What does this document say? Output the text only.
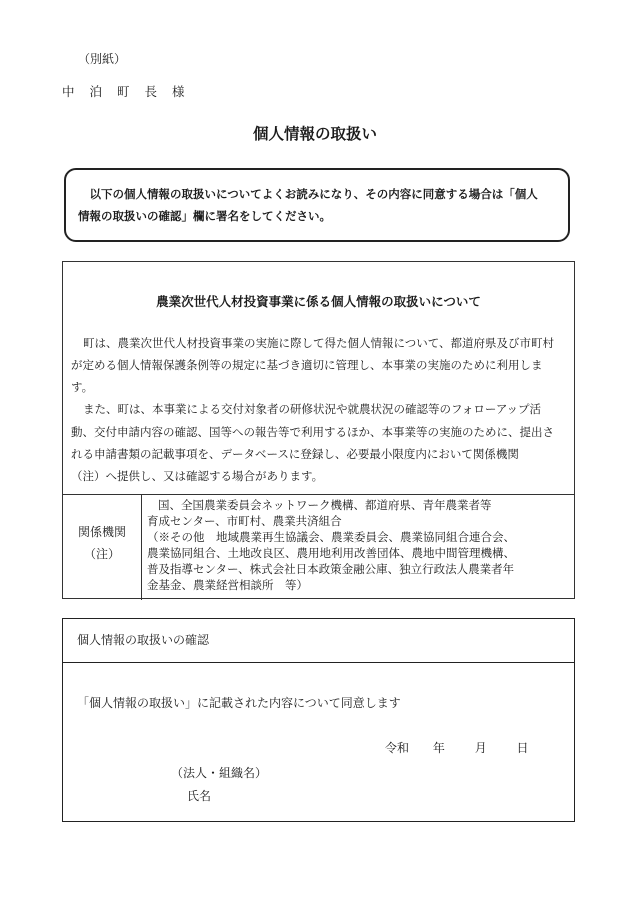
（別紙）
中泊町長様
個人情報の取扱い
以下の個人情報の取扱いについてよくお読みになり、その内容に同意する場合は「個人
情報の取扱いの確認」欄に署名をしてください。
農業次世代人材投資事業に係る個人情報の取扱いについて
町は、農業次世代人材投資事業の実施に際して得た個人情報について、都道府県及び市町村
が定める個人情報保護条例等の規定に基づき適切に管理し、本事業の実施のために利用しま
す。
また、町は、本事業による交付対象者の研修状況や就農状況の確認等のフォローアップ活
動、交付申請内容の確認、国等への報告等で利用するほか、本事業等の実施のために、提出さ
れる申請書類の記載事項を、データベースに登録し、必要最小限度内において関係機関
（注）へ提供し、又は確認する場合があります。
関係機関
（注）
国、全国農業委員会ネットワーク機構、都道府県、青年農業者等
育成センター、市町村、農業共済組合
（※その他　地域農業再生協議会、農業委員会、農業協同組合連合会、
農業協同組合、土地改良区、農用地利用改善団体、農地中間管理機構、
普及指導センター、株式会社日本政策金融公庫、独立行政法人農業者年
金基金、農業経営相談所　等）
個人情報の取扱いの確認
「個人情報の取扱い」に記載された内容について同意します
令和 年 月 日
（法人・組織名）
氏名
